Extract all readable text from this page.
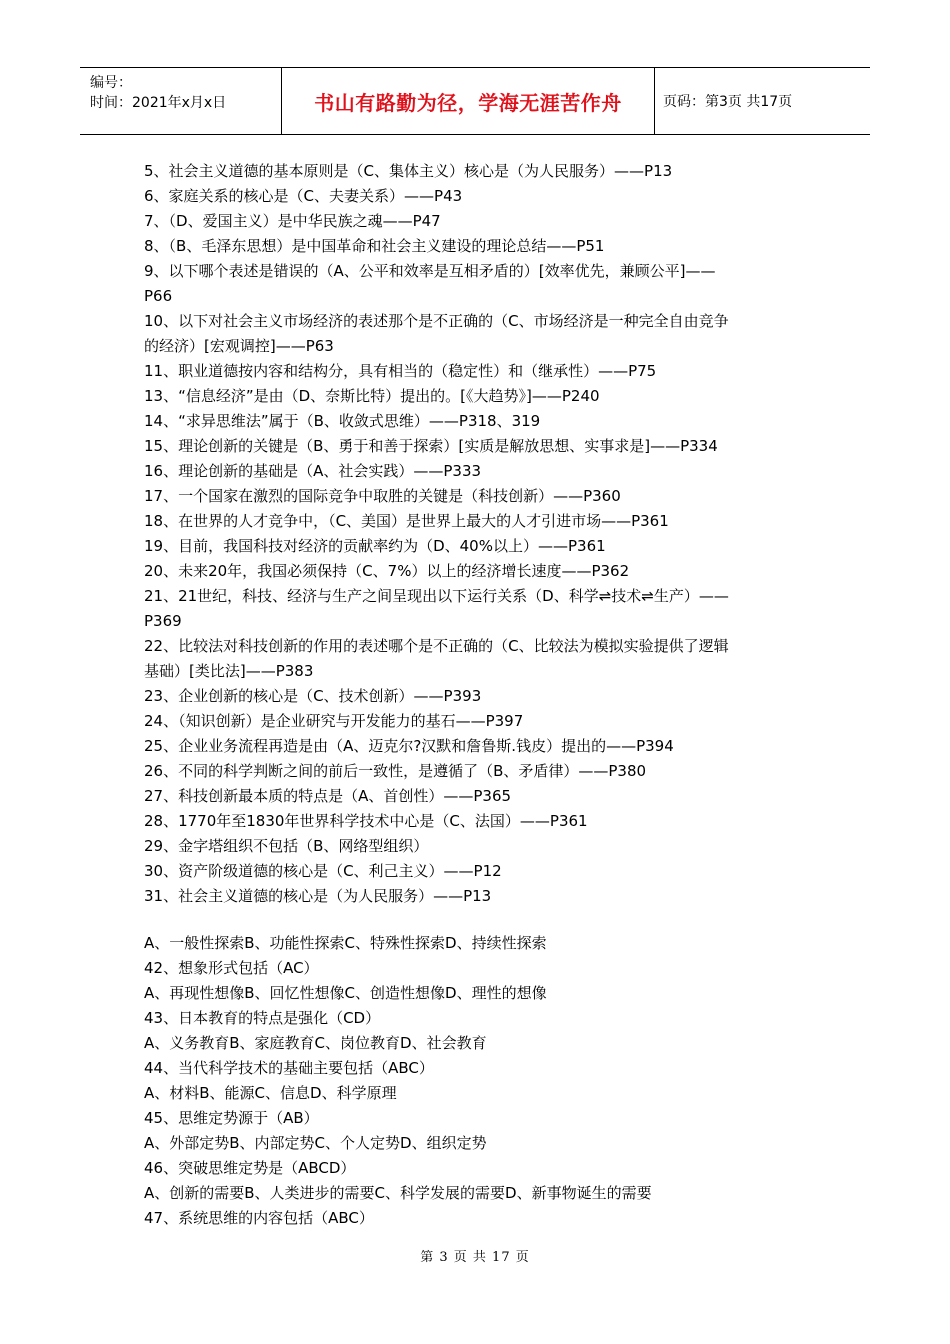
编号：
时间：2021年x月x日	书山有路勤为径，学海无涯苦作舟	页码：第3页 共17页
5、社会主义道德的基本原则是（C、集体主义）核心是（为人民服务）——P13
6、家庭关系的核心是（C、夫妻关系）——P43
7、（D、爱国主义）是中华民族之魂——P47
8、（B、毛泽东思想）是中国革命和社会主义建设的理论总结——P51
9、以下哪个表述是错误的（A、公平和效率是互相矛盾的）[效率优先，兼顾公平]——
P66
10、以下对社会主义市场经济的表述那个是不正确的（C、市场经济是一种完全自由竞争
的经济）[宏观调控]——P63
11、职业道德按内容和结构分，具有相当的（稳定性）和（继承性）——P75
13、“信息经济”是由（D、奈斯比特）提出的。[《大趋势》]——P240
14、“求异思维法”属于（B、收敛式思维）——P318、319
15、理论创新的关键是（B、勇于和善于探索）[实质是解放思想、实事求是]——P334
16、理论创新的基础是（A、社会实践）——P333
17、一个国家在激烈的国际竞争中取胜的关键是（科技创新）——P360
18、在世界的人才竞争中，（C、美国）是世界上最大的人才引进市场——P361
19、目前，我国科技对经济的贡献率约为（D、40%以上）——P361
20、未来20年，我国必须保持（C、7%）以上的经济增长速度——P362
21、21世纪，科技、经济与生产之间呈现出以下运行关系（D、科学⇌技术⇌生产）——
P369
22、比较法对科技创新的作用的表述哪个是不正确的（C、比较法为模拟实验提供了逻辑
基础）[类比法]——P383
23、企业创新的核心是（C、技术创新）——P393
24、（知识创新）是企业研究与开发能力的基石——P397
25、企业业务流程再造是由（A、迈克尔?汉默和詹鲁斯.钱皮）提出的——P394
26、不同的科学判断之间的前后一致性，是遵循了（B、矛盾律）——P380
27、科技创新最本质的特点是（A、首创性）——P365
28、1770年至1830年世界科学技术中心是（C、法国）——P361
29、金字塔组织不包括（B、网络型组织）
30、资产阶级道德的核心是（C、利己主义）——P12
31、社会主义道德的核心是（为人民服务）——P13
A、一般性探索B、功能性探索C、特殊性探索D、持续性探索
42、想象形式包括（AC）
A、再现性想像B、回忆性想像C、创造性想像D、理性的想像
43、日本教育的特点是强化（CD）
A、义务教育B、家庭教育C、岗位教育D、社会教育
44、当代科学技术的基础主要包括（ABC）
A、材料B、能源C、信息D、科学原理
45、思维定势源于（AB）
A、外部定势B、内部定势C、个人定势D、组织定势
46、突破思维定势是（ABCD）
A、创新的需要B、人类进步的需要C、科学发展的需要D、新事物诞生的需要
47、系统思维的内容包括（ABC）
第 3 页 共 17 页
